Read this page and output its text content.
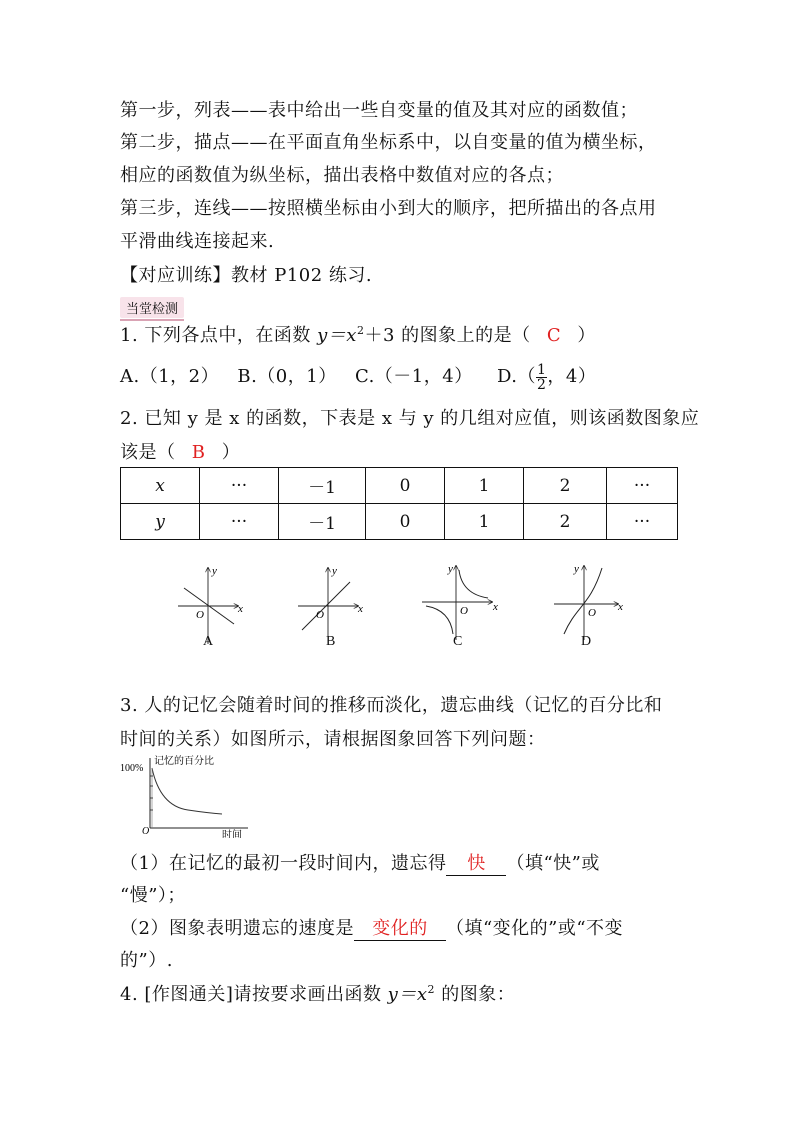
第一步，列表——表中给出一些自变量的值及其对应的函数值；
第二步，描点——在平面直角坐标系中，以自变量的值为横坐标，
相应的函数值为纵坐标，描出表格中数值对应的各点；
第三步，连线——按照横坐标由小到大的顺序，把所描出的各点用
平滑曲线连接起来.
【对应训练】教材 P102 练习.
当堂检测
1. 下列各点中，在函数 $y=x^2+3$ 的图象上的是（ C ）
A.（1，2） B.（0，1） C.（－1，4） $D.( \frac{1}{2}$ ，4）
2. 已知 y 是 x 的函数，下表是 x 与 y 的几组对应值，则该函数图象应
该是（ B ）
x	···	－1	0	1	2	···
y	···	－1	0	1	2	···
x
y
O	x
y
O
x
y
O	x
y
O
A	B	C	D
3. 人的记忆会随着时间的推移而淡化，遗忘曲线（记忆的百分比和
时间的关系）如图所示，请根据图象回答下列问题：
100%
记忆的百分比
O	时间
（1）在记忆的最初一段时间内，遗忘得 快 （填“快”或
“慢”）；
（2）图象表明遗忘的速度是 变化的 （填“变化的”或“不变
的”）.
4. [作图通关]请按要求画出函数 $y=x^2$ 的图象：
